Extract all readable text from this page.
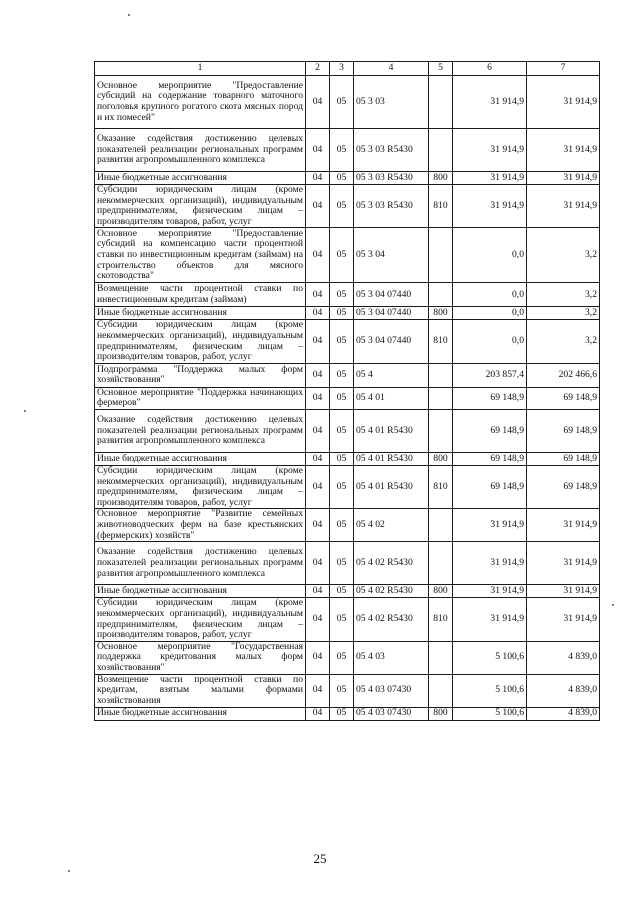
1	2	3	4	5	6	7
Основное мероприятие "Предоставление субсидий на содержание товарного маточного поголовья крупного рогатого скота мясных пород и их помесей"	04	05	05 3 03		31 914,9	31 914,9
Оказание содействия достижению целевых показателей реализации региональных программ развития агропромышленного комплекса	04	05	05 3 03 R5430		31 914,9	31 914,9
Иные бюджетные ассигнования	04	05	05 3 03 R5430	800	31 914,9	31 914,9
Субсидии юридическим лицам (кроме некоммерческих организаций), индивидуальным предпринимателям, физическим лицам – производителям товаров, работ, услуг	04	05	05 3 03 R5430	810	31 914,9	31 914,9
Основное мероприятие "Предоставление субсидий на компенсацию части процентной ставки по инвестиционным кредитам (займам) на строительство объектов для мясного скотоводства"	04	05	05 3 04		0,0	3,2
Возмещение части процентной ставки по инвестиционным кредитам (займам)	04	05	05 3 04 07440		0,0	3,2
Иные бюджетные ассигнования	04	05	05 3 04 07440	800	0,0	3,2
Субсидии юридическим лицам (кроме некоммерческих организаций), индивидуальным предпринимателям, физическим лицам – производителям товаров, работ, услуг	04	05	05 3 04 07440	810	0,0	3,2
Подпрограмма "Поддержка малых форм хозяйствования"	04	05	05 4		203 857,4	202 466,6
Основное мероприятие "Поддержка начинающих фермеров"	04	05	05 4 01		69 148,9	69 148,9
Оказание содействия достижению целевых показателей реализации региональных программ развития агропромышленного комплекса	04	05	05 4 01 R5430		69 148,9	69 148,9
Иные бюджетные ассигнования	04	05	05 4 01 R5430	800	69 148,9	69 148,9
Субсидии юридическим лицам (кроме некоммерческих организаций), индивидуальным предпринимателям, физическим лицам – производителям товаров, работ, услуг	04	05	05 4 01 R5430	810	69 148,9	69 148,9
Основное мероприятие "Развитие семейных животноводческих ферм на базе крестьянских (фермерских) хозяйств"	04	05	05 4 02		31 914,9	31 914,9
Оказание содействия достижению целевых показателей реализации региональных программ развития агропромышленного комплекса	04	05	05 4 02 R5430		31 914,9	31 914,9
Иные бюджетные ассигнования	04	05	05 4 02 R5430	800	31 914,9	31 914,9
Субсидии юридическим лицам (кроме некоммерческих организаций), индивидуальным предпринимателям, физическим лицам – производителям товаров, работ, услуг	04	05	05 4 02 R5430	810	31 914,9	31 914,9
Основное мероприятие "Государственная поддержка кредитования малых форм хозяйствования"	04	05	05 4 03		5 100,6	4 839,0
Возмещение части процентной ставки по кредитам, взятым малыми формами хозяйствования	04	05	05 4 03 07430		5 100,6	4 839,0
Иные бюджетные ассигнования	04	05	05 4 03 07430	800	5 100,6	4 839,0
25
